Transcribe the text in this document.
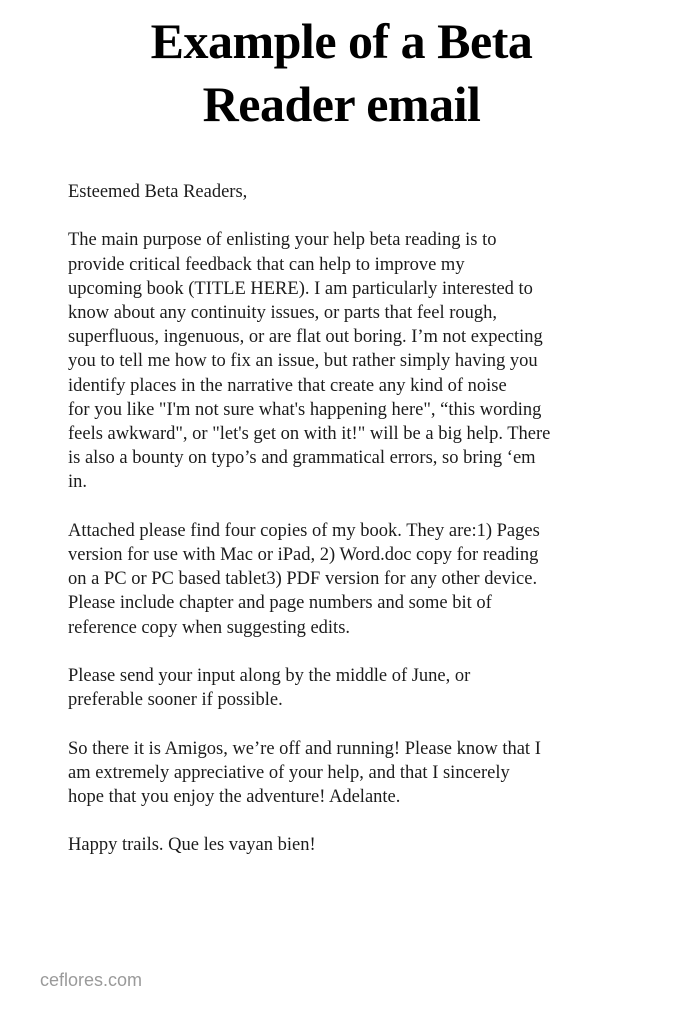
Example of a Beta
Reader email
Esteemed Beta Readers,
The main purpose of enlisting your help beta reading is to
provide critical feedback that can help to improve my
upcoming book (TITLE HERE). I am particularly interested to
know about any continuity issues, or parts that feel rough,
superfluous, ingenuous, or are flat out boring. I’m not expecting
you to tell me how to fix an issue, but rather simply having you
identify places in the narrative that create any kind of noise
for you like "I'm not sure what's happening here", “this wording
feels awkward", or "let's get on with it!" will be a big help. There
is also a bounty on typo’s and grammatical errors, so bring ‘em
in.
Attached please find four copies of my book. They are:1) Pages
version for use with Mac or iPad, 2) Word.doc copy for reading
on a PC or PC based tablet3) PDF version for any other device.
Please include chapter and page numbers and some bit of
reference copy when suggesting edits.
Please send your input along by the middle of June, or
preferable sooner if possible.
So there it is Amigos, we’re off and running! Please know that I
am extremely appreciative of your help, and that I sincerely
hope that you enjoy the adventure! Adelante.
Happy trails. Que les vayan bien!
ceflores.com
